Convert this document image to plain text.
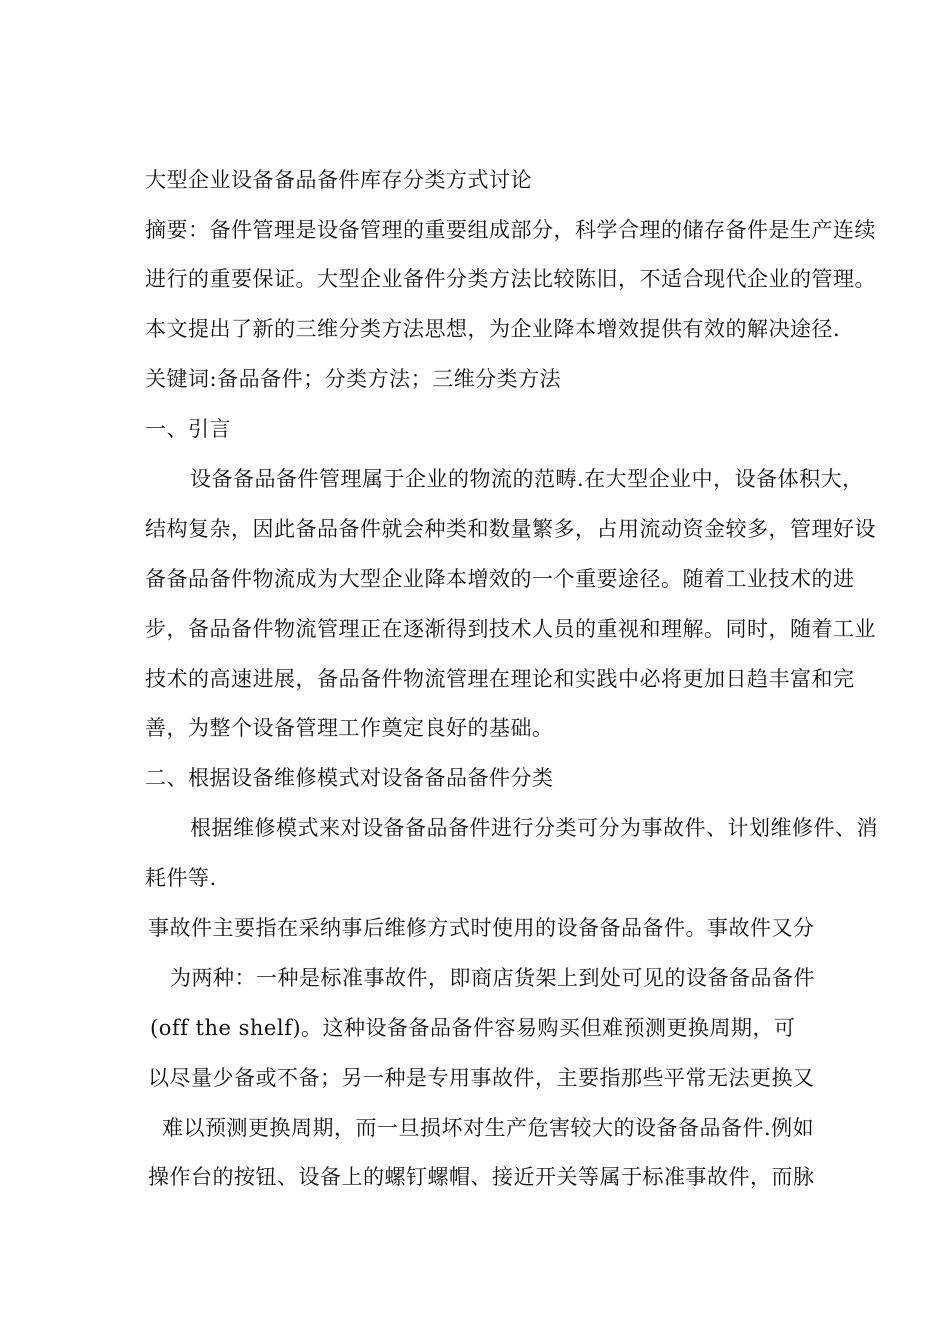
大型企业设备备品备件库存分类方式讨论
摘要：备件管理是设备管理的重要组成部分，科学合理的储存备件是生产连续
进行的重要保证。大型企业备件分类方法比较陈旧，不适合现代企业的管理。
本文提出了新的三维分类方法思想，为企业降本增效提供有效的解决途径.
关键词:备品备件；分类方法；三维分类方法
一、引言
设备备品备件管理属于企业的物流的范畴.在大型企业中，设备体积大，
结构复杂，因此备品备件就会种类和数量繁多，占用流动资金较多，管理好设
备备品备件物流成为大型企业降本增效的一个重要途径。随着工业技术的进
步，备品备件物流管理正在逐渐得到技术人员的重视和理解。同时，随着工业
技术的高速进展，备品备件物流管理在理论和实践中必将更加日趋丰富和完
善，为整个设备管理工作奠定良好的基础。
二、根据设备维修模式对设备备品备件分类
根据维修模式来对设备备品备件进行分类可分为事故件、计划维修件、消
耗件等.
事故件主要指在采纳事后维修方式时使用的设备备品备件。事故件又分
为两种：一种是标准事故件，即商店货架上到处可见的设备备品备件
(off the shelf)。这种设备备品备件容易购买但难预测更换周期，可
以尽量少备或不备；另一种是专用事故件，主要指那些平常无法更换又
难以预测更换周期，而一旦损坏对生产危害较大的设备备品备件.例如
操作台的按钮、设备上的螺钉螺帽、接近开关等属于标准事故件，而脉
